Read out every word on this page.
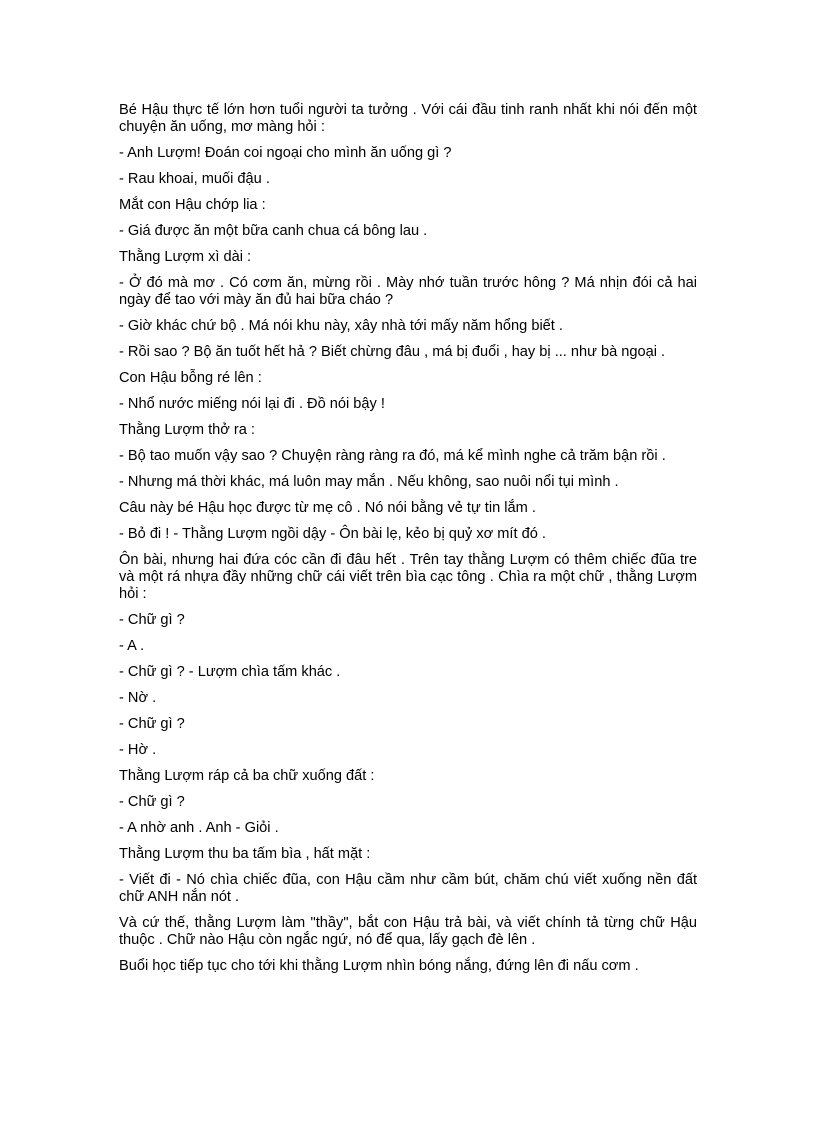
Bé Hậu thực tế lớn hơn tuổi người ta tưởng . Với cái đầu tinh ranh nhất khi nói đến một chuyện ăn uống, mơ màng hỏi :

- Anh Lượm! Đoán coi ngoại cho mình ăn uống gì ?

- Rau khoai, muối đậu .

Mắt con Hậu chớp lia :

- Giá được ăn một bữa canh chua cá bông lau .

Thằng Lượm xì dài :

- Ở đó mà mơ . Có cơm ăn, mừng rồi . Mày nhớ tuần trước hông ? Má nhịn đói cả hai ngày để tao với mày ăn đủ hai bữa cháo ?

- Giờ khác chứ bộ . Má nói khu này, xây nhà tới mấy năm hổng biết .

- Rồi sao ? Bộ ăn tuốt hết hả ? Biết chừng đâu , má bị đuổi , hay bị ... như bà ngoại .

Con Hậu bỗng ré lên :

- Nhổ nước miếng nói lại đi . Đồ nói bậy !

Thằng Lượm thở ra :

- Bộ tao muốn vậy sao ? Chuyện ràng ràng ra đó, má kể mình nghe cả trăm bận rồi .

- Nhưng má thời khác, má luôn may mắn . Nếu không, sao nuôi nổi tụi mình .

Câu này bé Hậu học được từ mẹ cô . Nó nói bằng vẻ tự tin lắm .

- Bỏ đi ! - Thằng Lượm ngồi dậy - Ôn bài lẹ, kẻo bị quỷ xơ mít đó .

Ôn bài, nhưng hai đứa cóc cần đi đâu hết . Trên tay thằng Lượm có thêm chiếc đũa tre và một rá nhựa đầy những chữ cái viết trên bìa cạc tông . Chìa ra một chữ , thằng Lượm hỏi :

- Chữ gì ?

- A .

- Chữ gì ? - Lượm chìa tấm khác .

- Nờ .

- Chữ gì ?

- Hờ .

Thằng Lượm ráp cả ba chữ xuống đất :

- Chữ gì ?

- A nhờ anh . Anh - Giỏi .

Thằng Lượm thu ba tấm bìa , hất mặt :

- Viết đi - Nó chìa chiếc đũa, con Hậu cầm như cầm bút, chăm chú viết xuống nền đất chữ ANH nắn nót .

Và cứ thế, thằng Lượm làm "thầy", bắt con Hậu trả bài, và viết chính tả từng chữ Hậu thuộc . Chữ nào Hậu còn ngắc ngứ, nó để qua, lấy gạch đè lên .

Buổi học tiếp tục cho tới khi thằng Lượm nhìn bóng nắng, đứng lên đi nấu cơm .
